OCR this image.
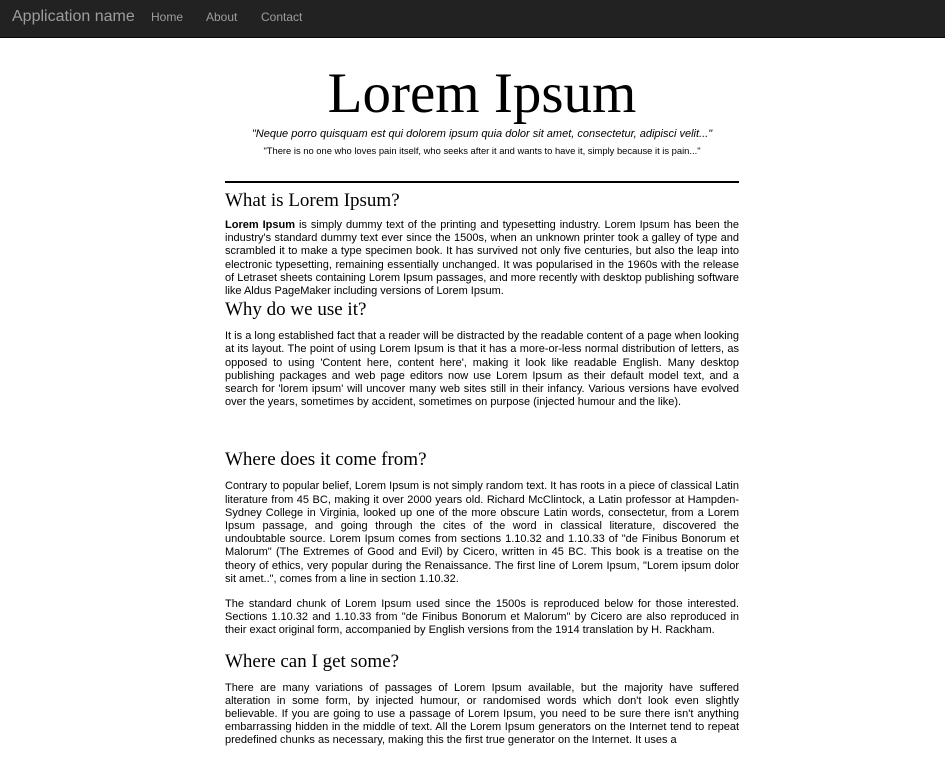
Application name Home About Contact
Lorem Ipsum
"Neque porro quisquam est qui dolorem ipsum quia dolor sit amet, consectetur, adipisci velit..."
"There is no one who loves pain itself, who seeks after it and wants to have it, simply because it is pain..."
What is Lorem Ipsum?

Lorem Ipsum is simply dummy text of the printing and typesetting industry. Lorem Ipsum has been the industry's standard dummy text ever since the 1500s, when an unknown printer took a galley of type and scrambled it to make a type specimen book. It has survived not only five centuries, but also the leap into electronic typesetting, remaining essentially unchanged. It was popularised in the 1960s with the release of Letraset sheets containing Lorem Ipsum passages, and more recently with desktop publishing software like Aldus PageMaker including versions of Lorem Ipsum.

Why do we use it?

It is a long established fact that a reader will be distracted by the readable content of a page when looking at its layout. The point of using Lorem Ipsum is that it has a more-or-less normal distribution of letters, as opposed to using 'Content here, content here', making it look like readable English. Many desktop publishing packages and web page editors now use Lorem Ipsum as their default model text, and a search for 'lorem ipsum' will uncover many web sites still in their infancy. Various versions have evolved over the years, sometimes by accident, sometimes on purpose (injected humour and the like).

Where does it come from?

Contrary to popular belief, Lorem Ipsum is not simply random text. It has roots in a piece of classical Latin literature from 45 BC, making it over 2000 years old. Richard McClintock, a Latin professor at Hampden-Sydney College in Virginia, looked up one of the more obscure Latin words, consectetur, from a Lorem Ipsum passage, and going through the cites of the word in classical literature, discovered the undoubtable source. Lorem Ipsum comes from sections 1.10.32 and 1.10.33 of "de Finibus Bonorum et Malorum" (The Extremes of Good and Evil) by Cicero, written in 45 BC. This book is a treatise on the theory of ethics, very popular during the Renaissance. The first line of Lorem Ipsum, "Lorem ipsum dolor sit amet..", comes from a line in section 1.10.32.

The standard chunk of Lorem Ipsum used since the 1500s is reproduced below for those interested. Sections 1.10.32 and 1.10.33 from "de Finibus Bonorum et Malorum" by Cicero are also reproduced in their exact original form, accompanied by English versions from the 1914 translation by H. Rackham.

Where can I get some?

There are many variations of passages of Lorem Ipsum available, but the majority have suffered alteration in some form, by injected humour, or randomised words which don't look even slightly believable. If you are going to use a passage of Lorem Ipsum, you need to be sure there isn't anything embarrassing hidden in the middle of text. All the Lorem Ipsum generators on the Internet tend to repeat predefined chunks as necessary, making this the first true generator on the Internet. It uses a
